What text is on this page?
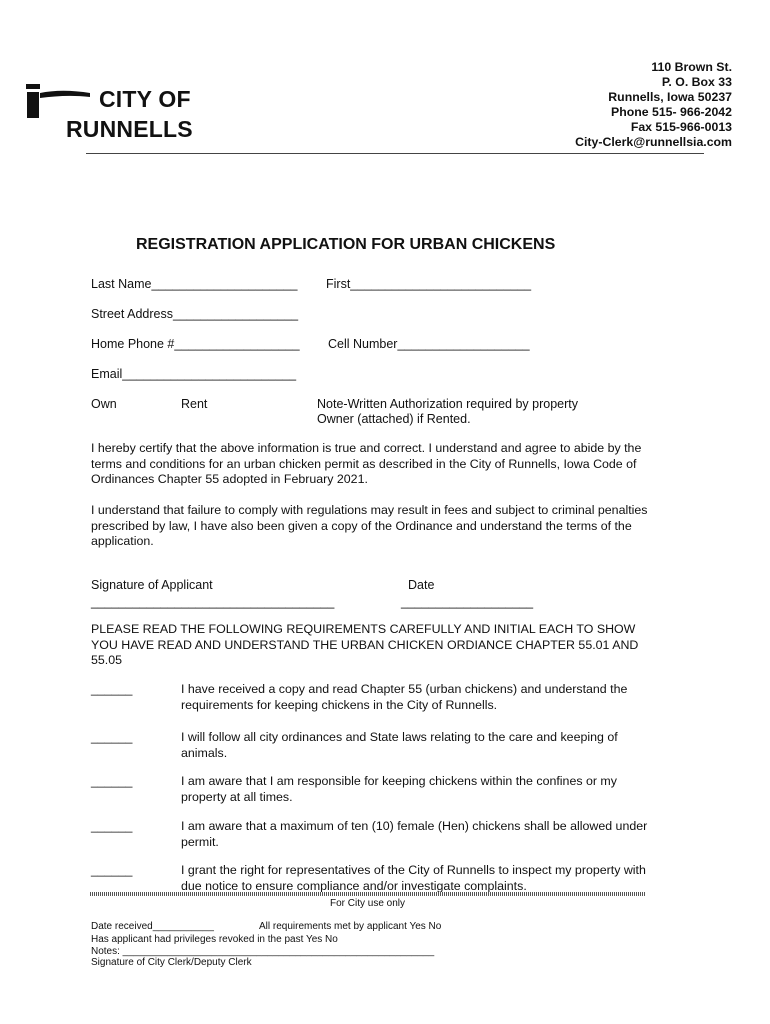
CITY OF
RUNNELLS
110 Brown St.
P. O. Box 33
Runnells, Iowa 50237
Phone 515- 966-2042
Fax 515-966-0013
City-Clerk@runnellsia.com
REGISTRATION APPLICATION FOR URBAN CHICKENS
Last Name_____________________ First__________________________
Street Address__________________
Home Phone #__________________ Cell Number___________________
Email_________________________
Own	Rent	Note-Written Authorization required by property
Owner (attached) if Rented.
I hereby certify that the above information is true and correct. I understand and agree to abide by the terms and conditions for an urban chicken permit as described in the City of Runnells, Iowa Code of Ordinances Chapter 55 adopted in February 2021.
I understand that failure to comply with regulations may result in fees and subject to criminal penalties prescribed by law, I have also been given a copy of the Ordinance and understand the terms of the application.
Signature of Applicant	Date
___________________________________	___________________
PLEASE READ THE FOLLOWING REQUIREMENTS CAREFULLY AND INITIAL EACH TO SHOW YOU HAVE READ AND UNDERSTAND THE URBAN CHICKEN ORDIANCE CHAPTER 55.01 AND 55.05
______	I have received a copy and read Chapter 55 (urban chickens) and understand the requirements for keeping chickens in the City of Runnells.
______	I will follow all city ordinances and State laws relating to the care and keeping of animals.
______	I am aware that I am responsible for keeping chickens within the confines or my property at all times.
______	I am aware that a maximum of ten (10) female (Hen) chickens shall be allowed under permit.
______	I grant the right for representatives of the City of Runnells to inspect my property with due notice to ensure compliance and/or investigate complaints.
For City use only
Date received___________	All requirements met by applicant Yes No
Has applicant had privileges revoked in the past Yes No
Notes: ________________________________________________________
Signature of City Clerk/Deputy Clerk
